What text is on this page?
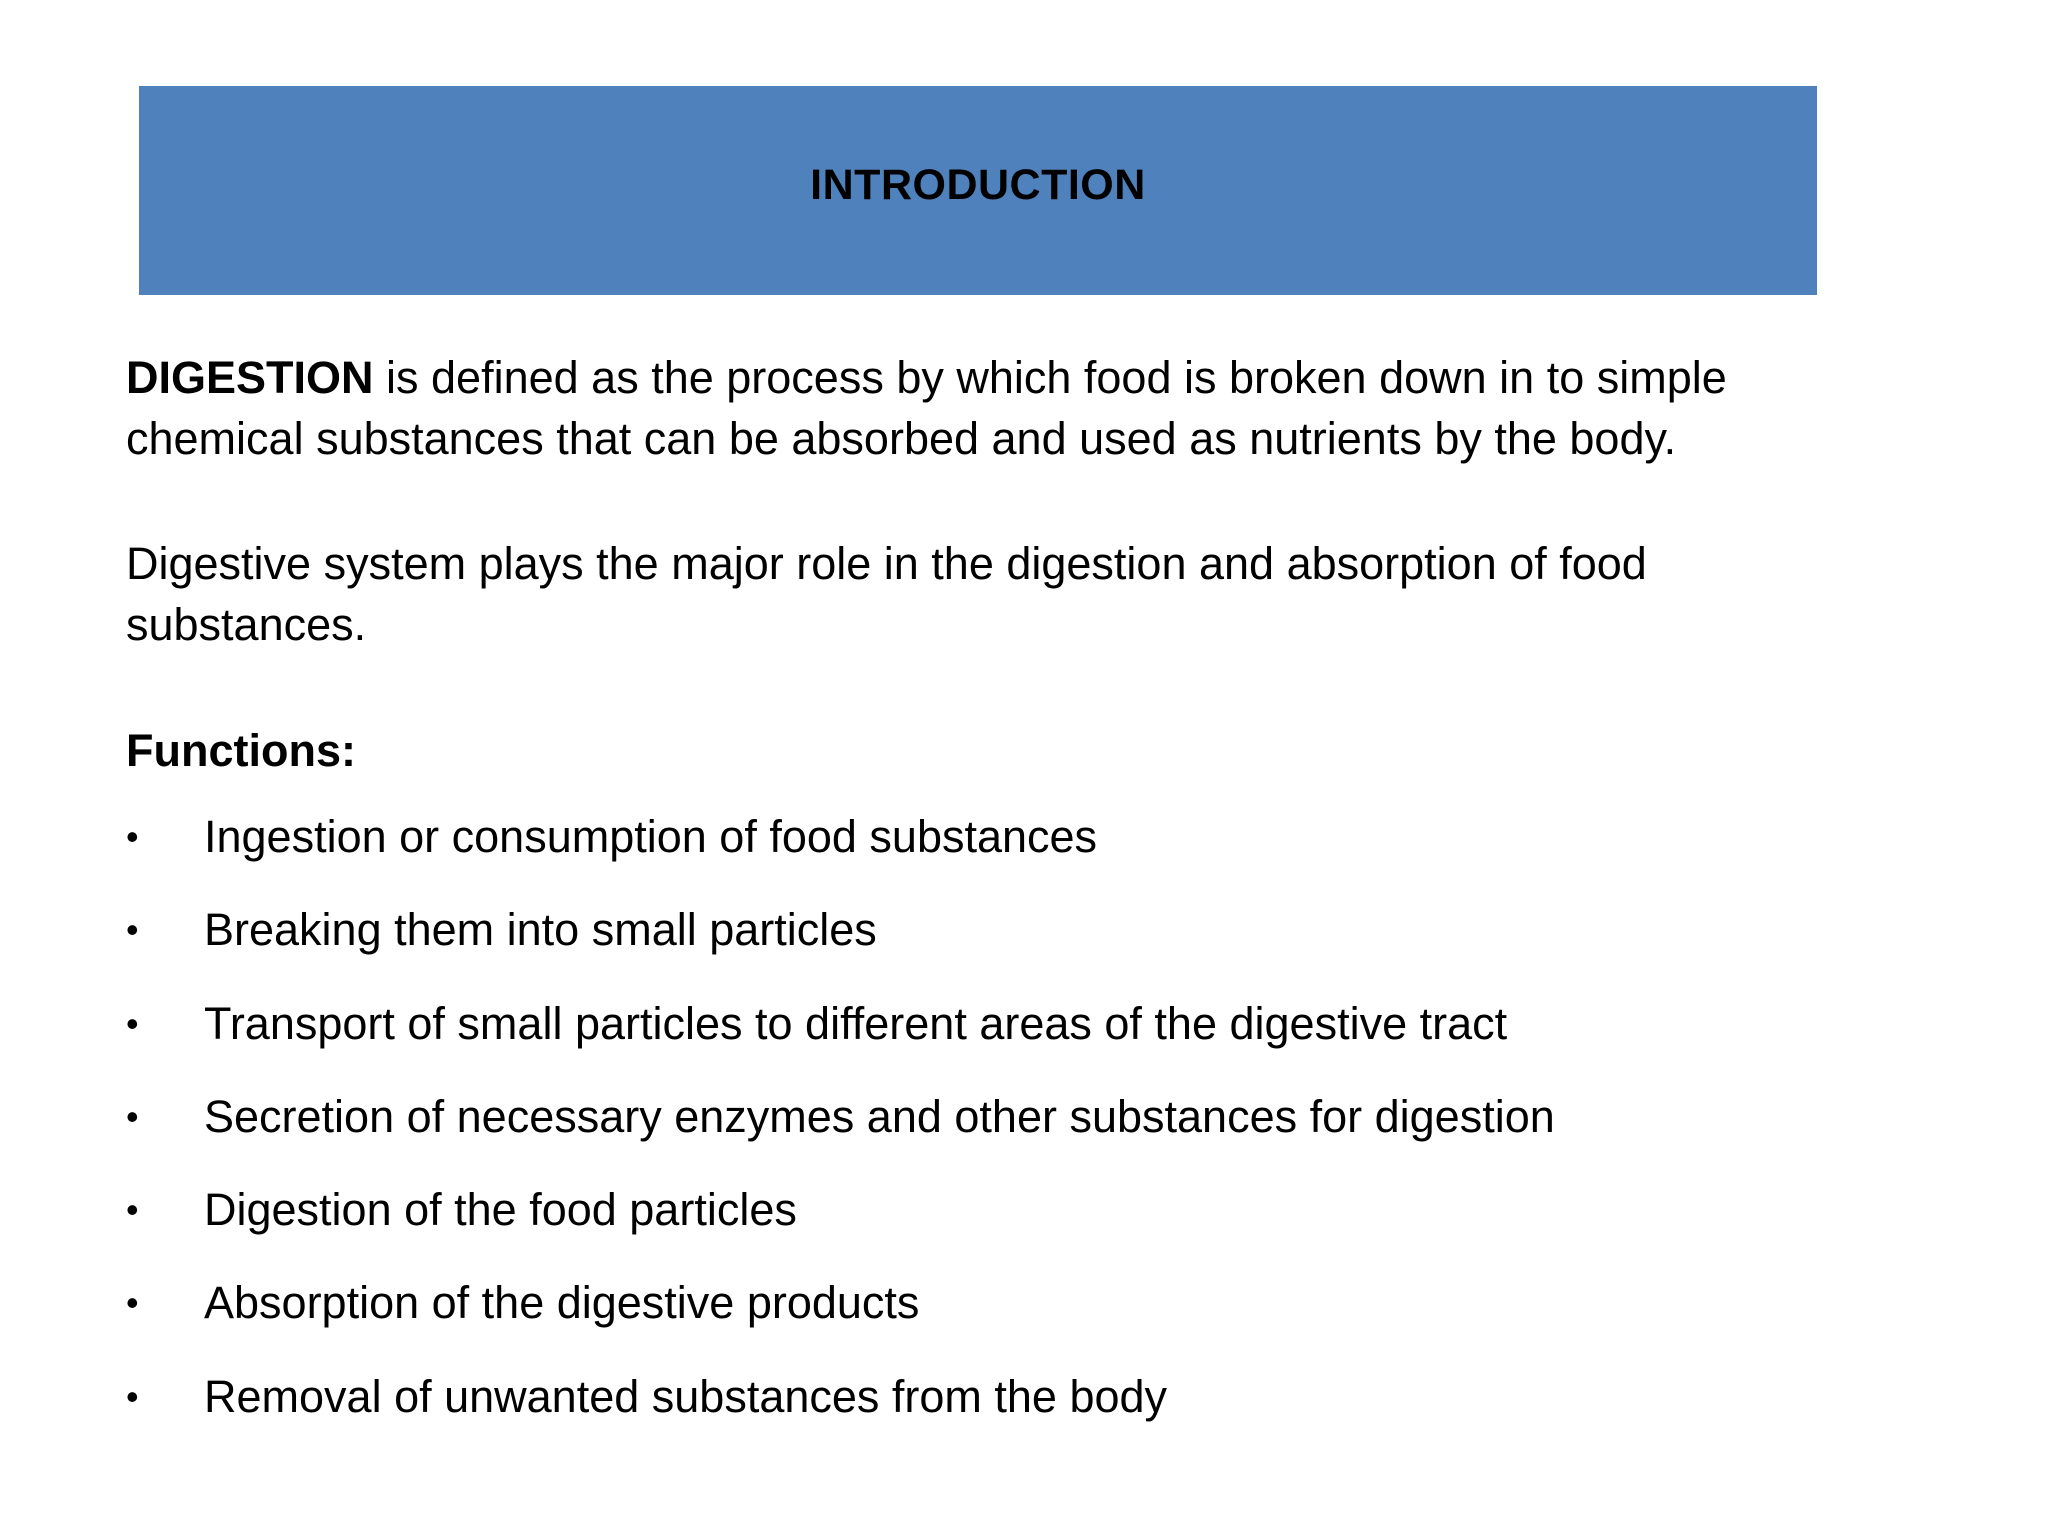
INTRODUCTION
DIGESTION is defined as the process by which food is broken down in to simple
chemical substances that can be absorbed and used as nutrients by the body.
Digestive system plays the major role in the digestion and absorption of food
substances.
Functions:
•	Ingestion or consumption of food substances
•	Breaking them into small particles
•	Transport of small particles to different areas of the digestive tract
•	Secretion of necessary enzymes and other substances for digestion
•	Digestion of the food particles
•	Absorption of the digestive products
•	Removal of unwanted substances from the body
